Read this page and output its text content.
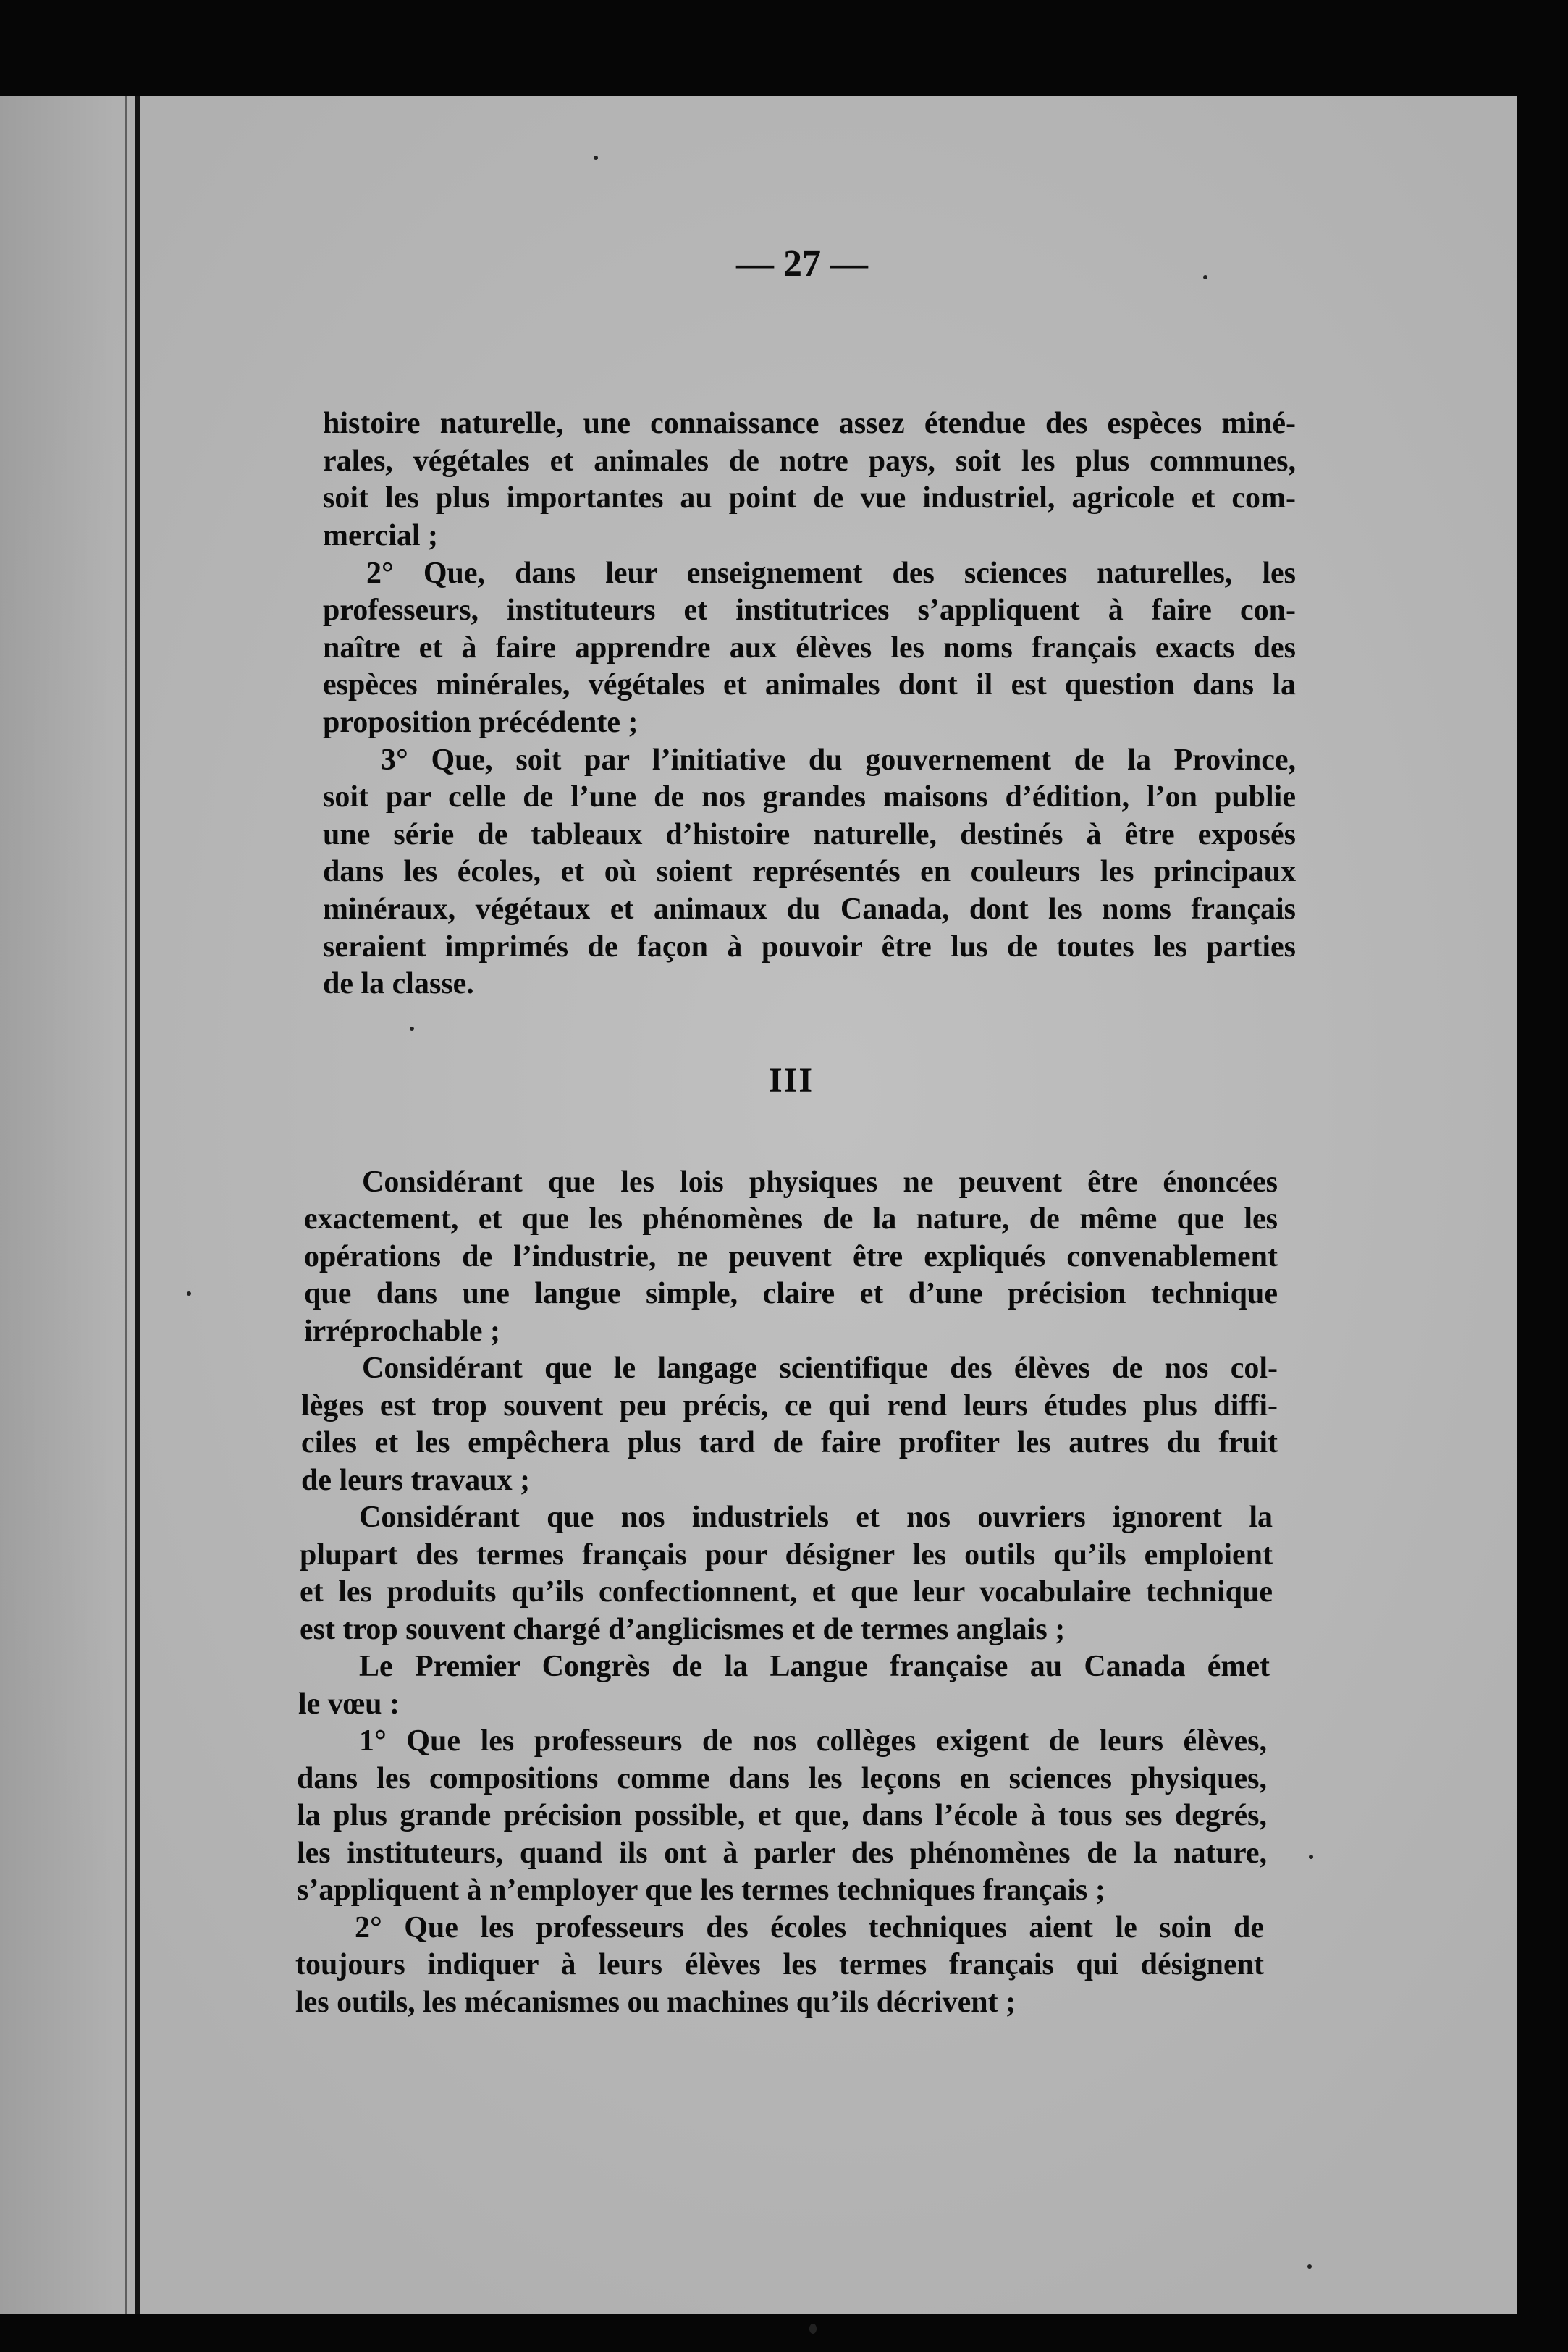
— 27 —
histoire naturelle, une connaissance assez étendue des espèces miné-
rales, végétales et animales de notre pays, soit les plus communes,
soit les plus importantes au point de vue industriel, agricole et com-
mercial ;
2° Que, dans leur enseignement des sciences naturelles, les
professeurs, instituteurs et institutrices s’appliquent à faire con-
naître et à faire apprendre aux élèves les noms français exacts des
espèces minérales, végétales et animales dont il est question dans la
proposition précédente ;
3° Que, soit par l’initiative du gouvernement de la Province,
soit par celle de l’une de nos grandes maisons d’édition, l’on publie
une série de tableaux d’histoire naturelle, destinés à être exposés
dans les écoles, et où soient représentés en couleurs les principaux
minéraux, végétaux et animaux du Canada, dont les noms français
seraient imprimés de façon à pouvoir être lus de toutes les parties
de la classe.
III
Considérant que les lois physiques ne peuvent être énoncées
exactement, et que les phénomènes de la nature, de même que les
opérations de l’industrie, ne peuvent être expliqués convenablement
que dans une langue simple, claire et d’une précision technique
irréprochable ;
Considérant que le langage scientifique des élèves de nos col-
lèges est trop souvent peu précis, ce qui rend leurs études plus diffi-
ciles et les empêchera plus tard de faire profiter les autres du fruit
de leurs travaux ;
Considérant que nos industriels et nos ouvriers ignorent la
plupart des termes français pour désigner les outils qu’ils emploient
et les produits qu’ils confectionnent, et que leur vocabulaire technique
est trop souvent chargé d’anglicismes et de termes anglais ;
Le Premier Congrès de la Langue française au Canada émet
le vœu :
1° Que les professeurs de nos collèges exigent de leurs élèves,
dans les compositions comme dans les leçons en sciences physiques,
la plus grande précision possible, et que, dans l’école à tous ses degrés,
les instituteurs, quand ils ont à parler des phénomènes de la nature,
s’appliquent à n’employer que les termes techniques français ;
2° Que les professeurs des écoles techniques aient le soin de
toujours indiquer à leurs élèves les termes français qui désignent
les outils, les mécanismes ou machines qu’ils décrivent ;
